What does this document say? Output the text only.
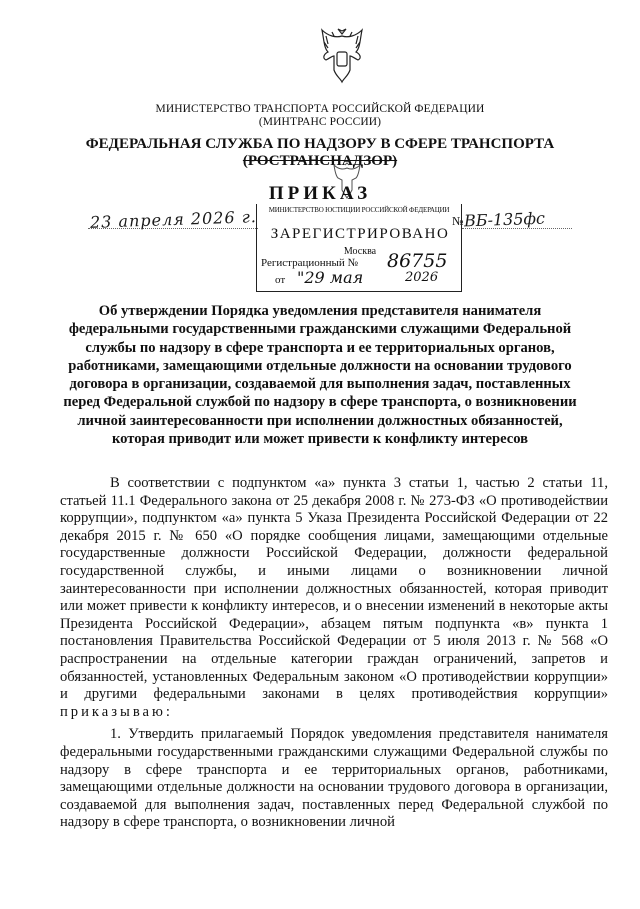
МИНИСТЕРСТВО ТРАНСПОРТА РОССИЙСКОЙ ФЕДЕРАЦИИ
(МИНТРАНС РОССИИ)
ФЕДЕРАЛЬНАЯ СЛУЖБА ПО НАДЗОРУ В СФЕРЕ ТРАНСПОРТА
(РОСТРАНСНАДЗОР)
ПРИКАЗ
23 апреля 2026 г.	№ ВБ-135фс
МИНИСТЕРСТВО ЮСТИЦИИ РОССИЙСКОЙ ФЕДЕРАЦИИ
ЗАРЕГИСТРИРОВАНО
Москва
Регистрационный № 86755
от "29 мая	2026
Об утверждении Порядка уведомления представителя нанимателя федеральными государственными гражданскими служащими Федеральной службы по надзору в сфере транспорта и ее территориальных органов, работниками, замещающими отдельные должности на основании трудового договора в организации, создаваемой для выполнения задач, поставленных перед Федеральной службой по надзору в сфере транспорта, о возникновении личной заинтересованности при исполнении должностных обязанностей, которая приводит или может привести к конфликту интересов

В соответствии с подпунктом «а» пункта 3 статьи 1, частью 2 статьи 11, статьей 11.1 Федерального закона от 25 декабря 2008 г. № 273-ФЗ «О противодействии коррупции», подпунктом «а» пункта 5 Указа Президента Российской Федерации от 22 декабря 2015 г. № 650 «О порядке сообщения лицами, замещающими отдельные государственные должности Российской Федерации, должности федеральной государственной службы, и иными лицами о возникновении личной заинтересованности при исполнении должностных обязанностей, которая приводит или может привести к конфликту интересов, и о внесении изменений в некоторые акты Президента Российской Федерации», абзацем пятым подпункта «в» пункта 1 постановления Правительства Российской Федерации от 5 июля 2013 г. № 568 «О распространении на отдельные категории граждан ограничений, запретов и обязанностей, установленных Федеральным законом «О противодействии коррупции» и другими федеральными законами в целях противодействия коррупции» приказываю:

1. Утвердить прилагаемый Порядок уведомления представителя нанимателя федеральными государственными гражданскими служащими Федеральной службы по надзору в сфере транспорта и ее территориальных органов, работниками, замещающими отдельные должности на основании трудового договора в организации, создаваемой для выполнения задач, поставленных перед Федеральной службой по надзору в сфере транспорта, о возникновении личной
